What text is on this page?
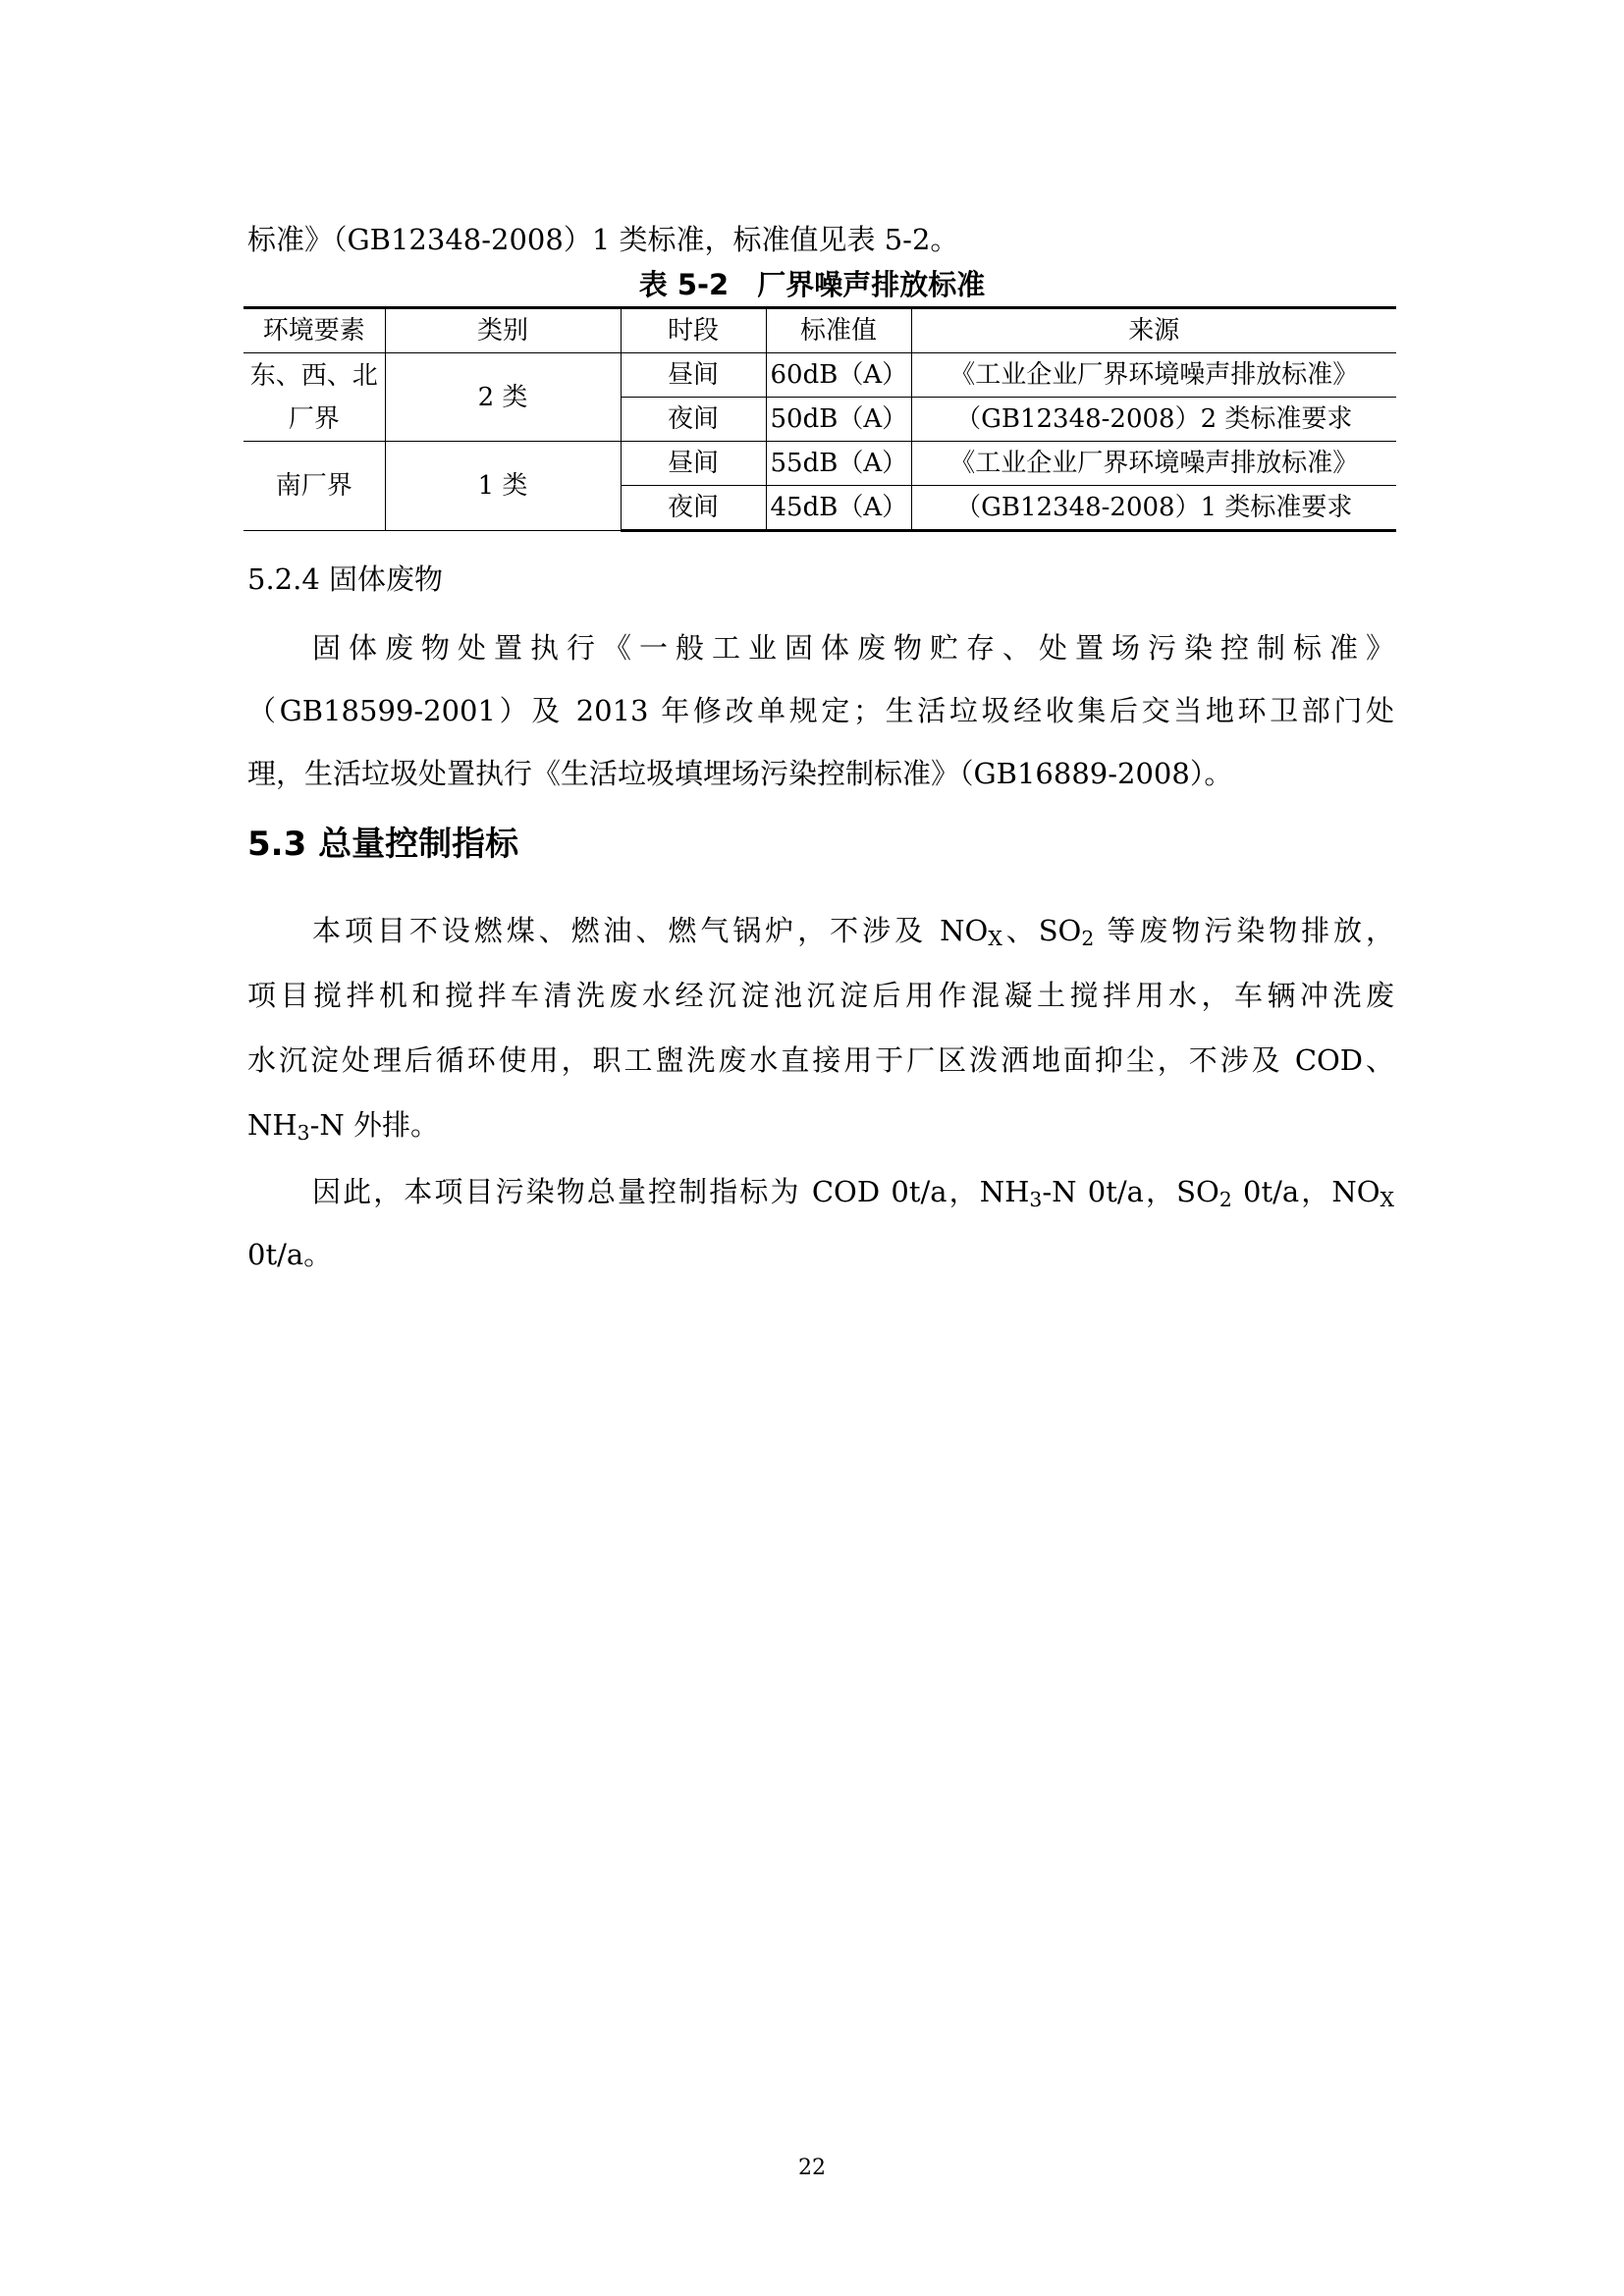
标准》（GB12348-2008）1 类标准，标准值见表 5-2。
表 5-2　厂界噪声排放标准
环境要素	类别	时段	标准值	来源
东、西、北厂界	2 类	昼间	60dB（A）	《工业企业厂界环境噪声排放标准》
		夜间	50dB（A）	（GB12348-2008）2 类标准要求
南厂界	1 类	昼间	55dB（A）	《工业企业厂界环境噪声排放标准》
		夜间	45dB（A）	（GB12348-2008）1 类标准要求
5.2.4 固体废物
固体废物处置执行《一般工业固体废物贮存、处置场污染控制标准》
（GB18599-2001）及 2013 年修改单规定；生活垃圾经收集后交当地环卫部门处
理，生活垃圾处置执行《生活垃圾填埋场污染控制标准》（GB16889-2008）。
5.3 总量控制指标
本项目不设燃煤、燃油、燃气锅炉，不涉及 $NO_X$、$SO_2$ 等废物污染物排放，
项目搅拌机和搅拌车清洗废水经沉淀池沉淀后用作混凝土搅拌用水，车辆冲洗废
水沉淀处理后循环使用，职工盥洗废水直接用于厂区泼洒地面抑尘，不涉及 COD、
$NH_3-N$ 外排。
因此，本项目污染物总量控制指标为 COD 0t/a，$NH_3-N$ 0t/a，$SO_2$ 0t/a，$NO_X$
0t/a。
22
